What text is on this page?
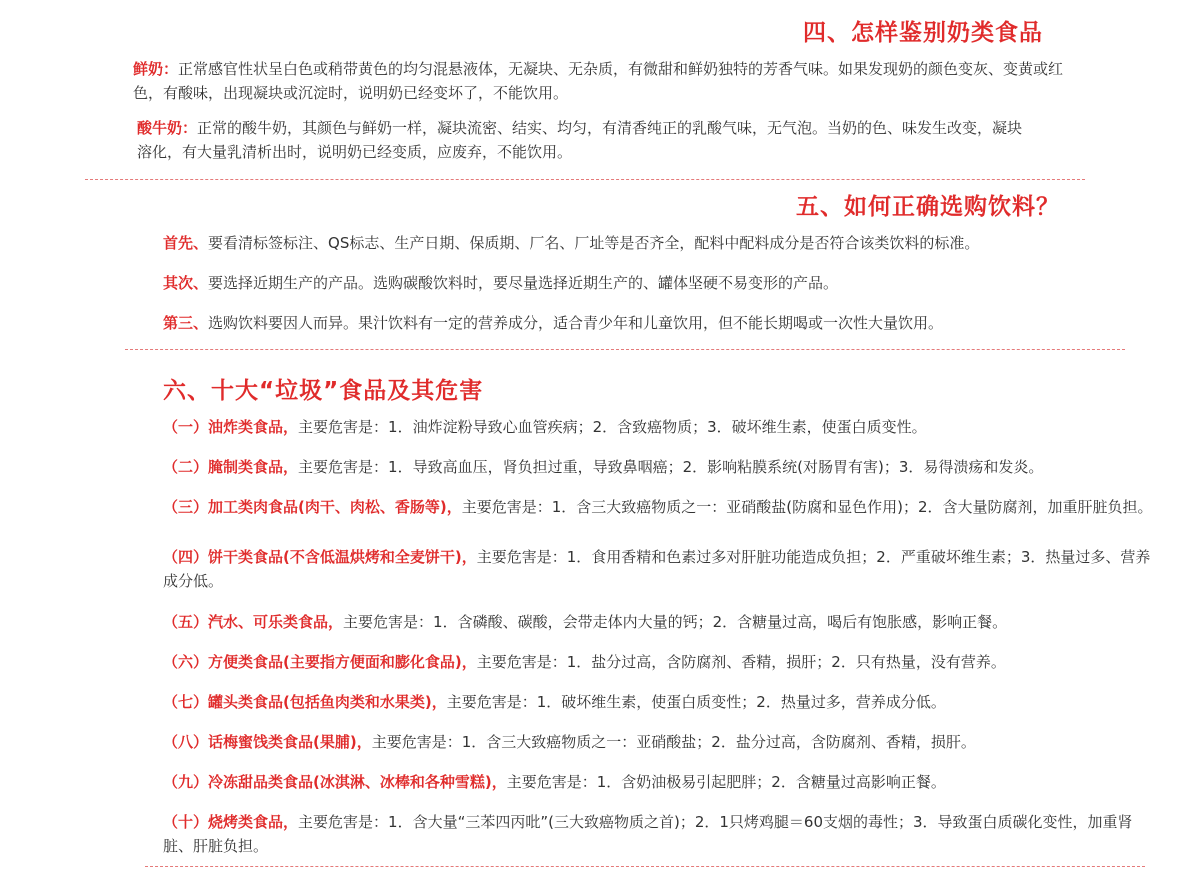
四、怎样鉴别奶类食品
鲜奶：正常感官性状呈白色或稍带黄色的均匀混悬液体，无凝块、无杂质，有微甜和鲜奶独特的芳香气味。如果发现奶的颜色变灰、变黄或红色，有酸味，出现凝块或沉淀时，说明奶已经变坏了，不能饮用。
酸牛奶：正常的酸牛奶，其颜色与鲜奶一样，凝块流密、结实、均匀，有清香纯正的乳酸气味，无气泡。当奶的色、味发生改变，凝块溶化，有大量乳清析出时，说明奶已经变质，应废弃，不能饮用。
五、如何正确选购饮料？
首先、要看清标签标注、QS标志、生产日期、保质期、厂名、厂址等是否齐全，配料中配料成分是否符合该类饮料的标准。
其次、要选择近期生产的产品。选购碳酸饮料时，要尽量选择近期生产的、罐体坚硬不易变形的产品。
第三、选购饮料要因人而异。果汁饮料有一定的营养成分，适合青少年和儿童饮用，但不能长期喝或一次性大量饮用。
六、十大“垃圾”食品及其危害
（一）油炸类食品，主要危害是：1．油炸淀粉导致心血管疾病；2．含致癌物质；3．破坏维生素，使蛋白质变性。
（二）腌制类食品，主要危害是：1．导致高血压，肾负担过重，导致鼻咽癌；2．影响粘膜系统(对肠胃有害)；3．易得溃疡和发炎。
（三）加工类肉食品(肉干、肉松、香肠等)，主要危害是：1．含三大致癌物质之一：亚硝酸盐(防腐和显色作用)；2．含大量防腐剂，加重肝脏负担。
（四）饼干类食品(不含低温烘烤和全麦饼干)，主要危害是：1．食用香精和色素过多对肝脏功能造成负担；2．严重破坏维生素；3．热量过多、营养成分低。
（五）汽水、可乐类食品，主要危害是：1．含磷酸、碳酸，会带走体内大量的钙；2．含糖量过高，喝后有饱胀感，影响正餐。
（六）方便类食品(主要指方便面和膨化食品)，主要危害是：1．盐分过高，含防腐剂、香精，损肝；2．只有热量，没有营养。
（七）罐头类食品(包括鱼肉类和水果类)，主要危害是：1．破坏维生素，使蛋白质变性；2．热量过多，营养成分低。
（八）话梅蜜饯类食品(果脯)，主要危害是：1．含三大致癌物质之一：亚硝酸盐；2．盐分过高，含防腐剂、香精，损肝。
（九）冷冻甜品类食品(冰淇淋、冰棒和各种雪糕)，主要危害是：1．含奶油极易引起肥胖；2．含糖量过高影响正餐。
（十）烧烤类食品，主要危害是：1．含大量“三苯四丙吡”(三大致癌物质之首)；2．1只烤鸡腿＝60支烟的毒性；3．导致蛋白质碳化变性，加重肾脏、肝脏负担。
